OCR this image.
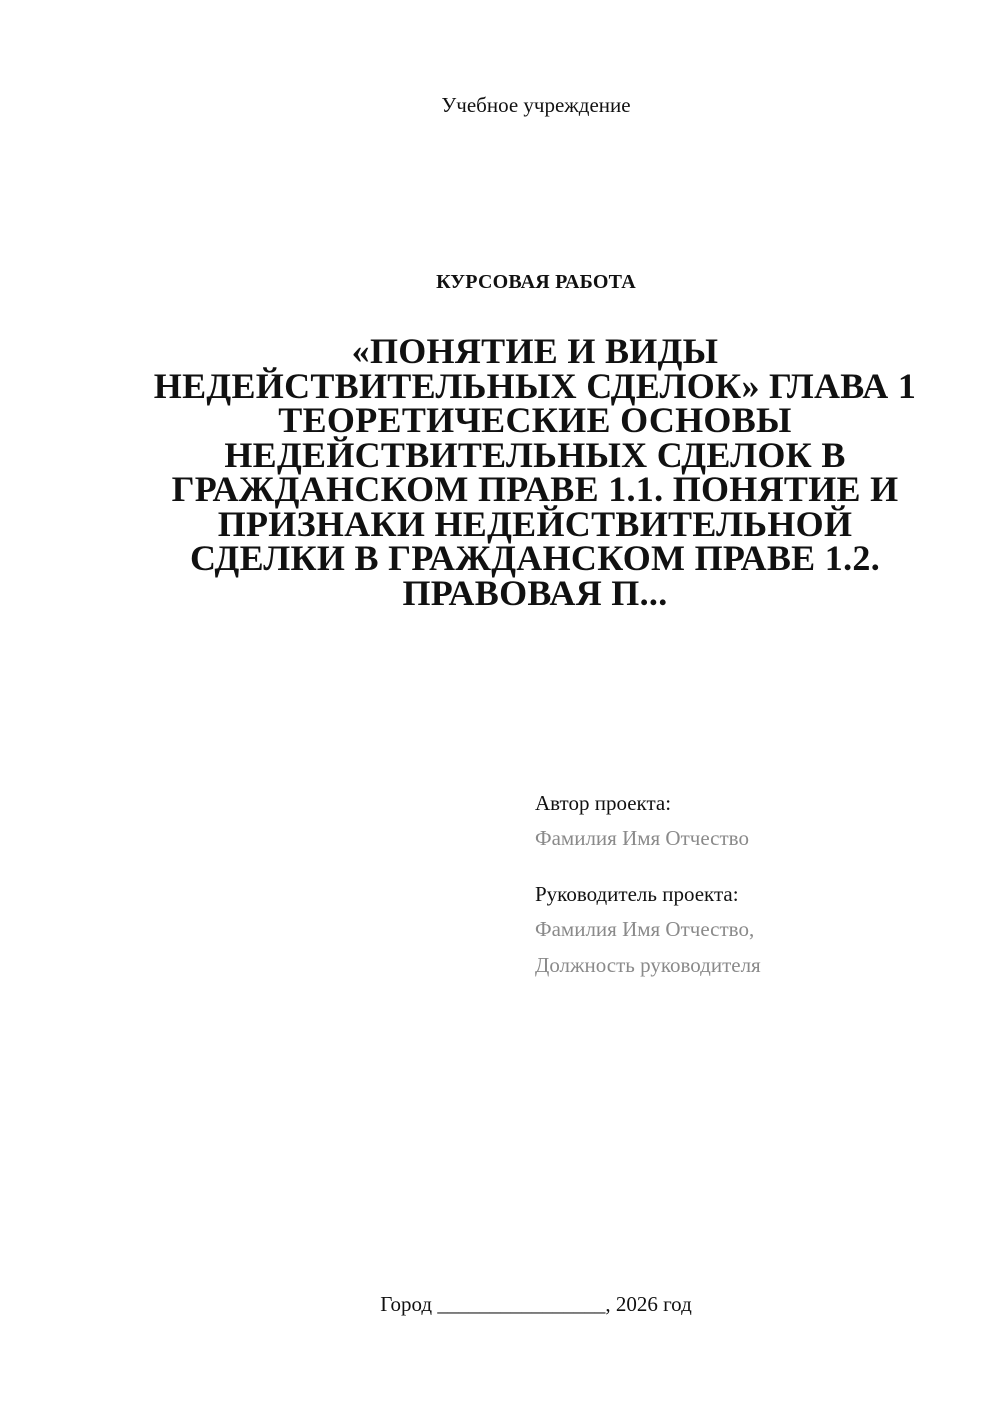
Учебное учреждение
КУРСОВАЯ РАБОТА
«ПОНЯТИЕ И ВИДЫ НЕДЕЙСТВИТЕЛЬНЫХ СДЕЛОК» ГЛАВА 1 ТЕОРЕТИЧЕСКИЕ ОСНОВЫ НЕДЕЙСТВИТЕЛЬНЫХ СДЕЛОК В ГРАЖДАНСКОМ ПРАВЕ 1.1. ПОНЯТИЕ И ПРИЗНАКИ НЕДЕЙСТВИТЕЛЬНОЙ СДЕЛКИ В ГРАЖДАНСКОМ ПРАВЕ 1.2. ПРАВОВАЯ П...
Автор проекта:
Фамилия Имя Отчество
Руководитель проекта:
Фамилия Имя Отчество,
Должность руководителя
Город ________________, 2026 год
